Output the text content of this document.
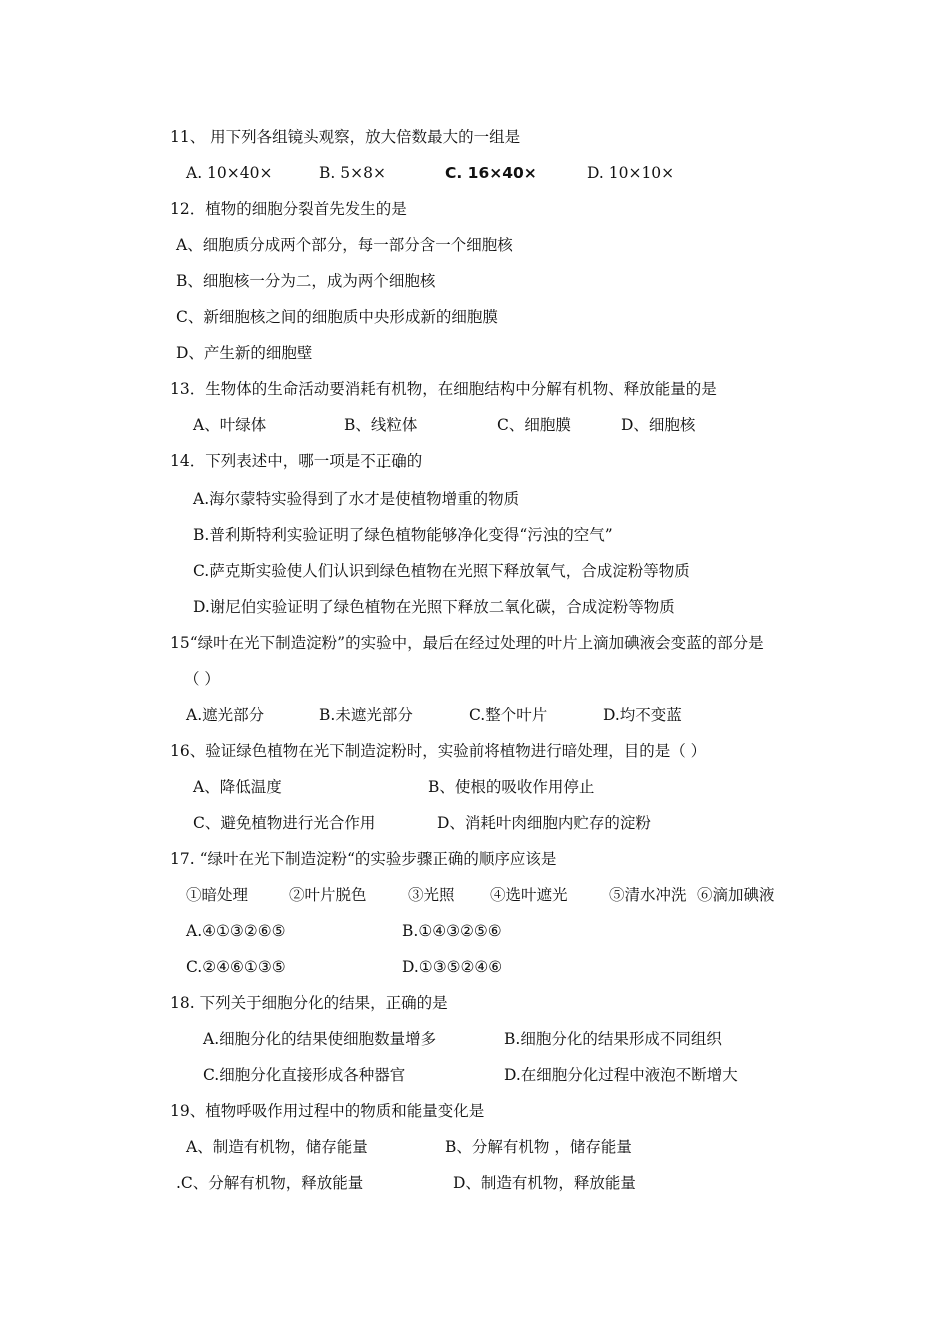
11、 用下列各组镜头观察，放大倍数最大的一组是
A. 10×40×	B. 5×8×	C. 16×40×	D. 10×10×
12．植物的细胞分裂首先发生的是
A、细胞质分成两个部分，每一部分含一个细胞核
B、细胞核一分为二，成为两个细胞核
C、新细胞核之间的细胞质中央形成新的细胞膜
D、产生新的细胞壁
13．生物体的生命活动要消耗有机物，在细胞结构中分解有机物、释放能量的是
A、叶绿体	B、线粒体	C、细胞膜	D、细胞核
14．下列表述中，哪一项是不正确的
A.海尔蒙特实验得到了水才是使植物增重的物质
B.普利斯特利实验证明了绿色植物能够净化变得“污浊的空气”
C.萨克斯实验使人们认识到绿色植物在光照下释放氧气，合成淀粉等物质
D.谢尼伯实验证明了绿色植物在光照下释放二氧化碳，合成淀粉等物质
15“绿叶在光下制造淀粉”的实验中，最后在经过处理的叶片上滴加碘液会变蓝的部分是
（ ）
A.遮光部分	B.未遮光部分	C.整个叶片	D.均不变蓝
16、验证绿色植物在光下制造淀粉时，实验前将植物进行暗处理，目的是（ ）
A、降低温度	B、使根的吸收作用停止
C、避免植物进行光合作用	D、消耗叶肉细胞内贮存的淀粉
17. “绿叶在光下制造淀粉“的实验步骤正确的顺序应该是
①暗处理	②叶片脱色	③光照 ④选叶遮光	⑤清水冲洗 ⑥滴加碘液
A.④①③②⑥⑤	B.①④③②⑤⑥
C.②④⑥①③⑤	D.①③⑤②④⑥
18. 下列关于细胞分化的结果，正确的是
A.细胞分化的结果使细胞数量增多	B.细胞分化的结果形成不同组织
C.细胞分化直接形成各种器官	D.在细胞分化过程中液泡不断增大
19、植物呼吸作用过程中的物质和能量变化是
A、制造有机物，储存能量	B、分解有机物 ，储存能量
.C、分解有机物，释放能量	D、制造有机物，释放能量
